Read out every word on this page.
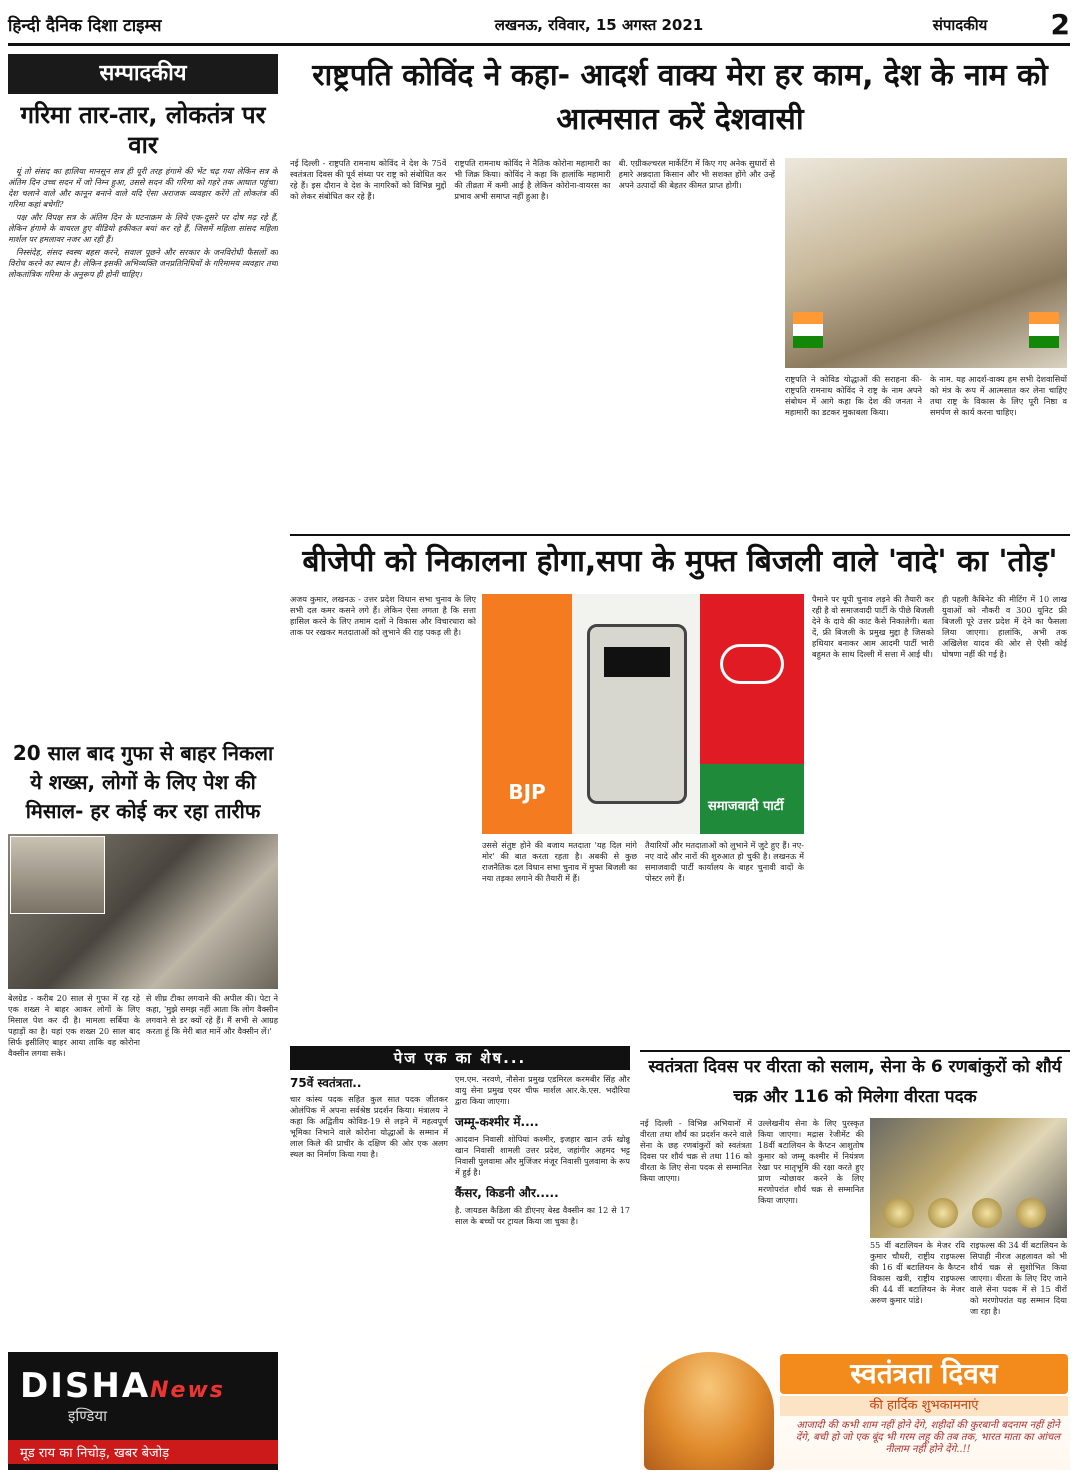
हिन्दी दैनिक दिशा टाइम्स	लखनऊ, रविवार, 15 अगस्त 2021	संपादकीय	2
सम्पादकीय
गरिमा तार-तार, लोकतंत्र पर वार

यूं तो संसद का हालिया मानसून सत्र ही पूरी तरह हंगामे की भेंट चढ़ गया लेकिन सत्र के अंतिम दिन उच्च सदन में जो निम्न हुआ, उससे सदन की गरिमा को गहरे तक आघात पहुंचा। देश चलाने वाले और कानून बनाने वाले यदि ऐसा अराजक व्यवहार करेंगे तो लोकतंत्र की गरिमा कहां बचेगी?

पक्ष और विपक्ष सत्र के अंतिम दिन के घटनाक्रम के लिये एक-दूसरे पर दोष मढ़ रहे हैं, लेकिन हंगामे के वायरल हुए वीडियो हकीकत बयां कर रहे हैं, जिसमें महिला सांसद महिला मार्शल पर हमलावर नजर आ रही हैं।

निस्संदेह, संसद स्वस्थ बहस करने, सवाल पूछने और सरकार के जनविरोधी फैसलों का विरोध करने का स्थान है। लेकिन इसकी अभिव्यक्ति जनप्रतिनिधियों के गरिमामय व्यवहार तथा लोकतांत्रिक गरिमा के अनुरूप ही होनी चाहिए।

20 साल बाद गुफा से बाहर निकला ये शख्स, लोगों के लिए पेश की मिसाल- हर कोई कर रहा तारीफ
बेलग्रेड - करीब 20 साल से गुफा में रह रहे एक शख्स ने बाहर आकर लोगों के लिए मिसाल पेश कर दी है। मामला सर्बिया के पहाड़ों का है। यहां एक शख्स 20 साल बाद सिर्फ इसीलिए बाहर आया ताकि वह कोरोना वैक्सीन लगवा सके।
से शीघ्र टीका लगवाने की अपील की। पेटा ने कहा, 'मुझे समझ नहीं आता कि लोग वैक्सीन लगवाने से डर क्यों रहे हैं। मैं सभी से आग्रह करता हूं कि मेरी बात मानें और वैक्सीन लें।'
DISHANews
इण्डिया
मूड राय का निचोड़, खबर बेजोड़
राष्ट्रपति कोविंद ने कहा- आदर्श वाक्य मेरा हर काम, देश के नाम को आत्मसात करें देशवासी
नई दिल्ली - राष्ट्रपति रामनाथ कोविंद ने देश के 75वें स्वतंत्रता दिवस की पूर्व संध्या पर राष्ट्र को संबोधित कर रहे हैं। इस दौरान वे देश के नागरिकों को विभिन्न मुद्दों को लेकर संबोधित कर रहे हैं।
राष्ट्रपति रामनाथ कोविंद ने नैतिक कोरोना महामारी का भी जिक्र किया। कोविंद ने कहा कि हालांकि महामारी की तीव्रता में कमी आई है लेकिन कोरोना-वायरस का प्रभाव अभी समाप्त नहीं हुआ है।
बी. एग्रीकल्चरल मार्केटिंग में किए गए अनेक सुधारों से हमारे अन्नदाता किसान और भी सशक्त होंगे और उन्हें अपने उत्पादों की बेहतर कीमत प्राप्त होगी।
राष्ट्रपति ने कोविड योद्धाओं की सराहना की- राष्ट्रपति रामनाथ कोविंद ने राष्ट्र के नाम अपने संबोधन में आगे कहा कि देश की जनता ने महामारी का डटकर मुकाबला किया।
के नाम. यह आदर्श-वाक्य हम सभी देशवासियों को मंत्र के रूप में आत्मसात कर लेना चाहिए तथा राष्ट्र के विकास के लिए पूरी निष्ठा व समर्पण से कार्य करना चाहिए।
बीजेपी को निकालना होगा,सपा के मुफ्त बिजली वाले 'वादे' का 'तोड़'
अजय कुमार, लखनऊ - उत्तर प्रदेश विधान सभा चुनाव के लिए सभी दल कमर कसने लगे हैं। लेकिन ऐसा लगता है कि सत्ता हासिल करने के लिए तमाम दलों ने विकास और विचारधारा को ताक पर रखकर मतदाताओं को लुभाने की राह पकड़ ली है।
BJP
समाजवादी पार्टी
उससे संतुष्ट होने की बजाय मतदाता 'यह दिल मांगे मोर' की बात करता रहता है। अबकी से कुछ राजनैतिक दल विधान सभा चुनाव में मुफ्त बिजली का नया तड़का लगाने की तैयारी में हैं।
तैयारियों और मतदाताओं को लुभाने में जुटे हुए हैं। नए-नए वादे और नारों की शुरुआत हो चुकी है। लखनऊ में समाजवादी पार्टी कार्यालय के बाहर चुनावी वादों के पोस्टर लगे हैं।
पैमाने पर यूपी चुनाव लड़ने की तैयारी कर रही है वो समाजवादी पार्टी के पीछे बिजली देने के दावे की काट कैसे निकालेगी। बता दें, फ्री बिजली के प्रमुख मुद्दा है जिसको हथियार बनाकर आम आदमी पार्टी भारी बहुमत के साथ दिल्ली में सत्ता में आई थी।
ही पहली कैबिनेट की मीटिंग में 10 लाख युवाओं को नौकरी व 300 यूनिट फ्री बिजली पूरे उत्तर प्रदेश में देने का फैसला लिया जाएगा। हालांकि, अभी तक अखिलेश यादव की ओर से ऐसी कोई घोषणा नहीं की गई है।
पेज एक का शेष...
75वें स्वतंत्रता..
चार कांस्य पदक सहित कुल सात पदक जीतकर ओलंपिक में अपना सर्वश्रेष्ठ प्रदर्शन किया। मंत्रालय ने कहा कि अद्वितीय कोविड-19 से लड़ने में महत्वपूर्ण भूमिका निभाने वाले कोरोना योद्धाओं के सम्मान में लाल किले की प्राचीर के दक्षिण की ओर एक अलग स्थल का निर्माण किया गया है।
एम.एम. नरवणे, नौसेना प्रमुख एडमिरल करमबीर सिंह और वायु सेना प्रमुख एयर चीफ मार्शल आर.के.एस. भदौरिया द्वारा किया जाएगा।
जम्मू-कश्मीर में....
आदवान निवासी शोपियां कश्मीर, इजहार खान उर्फ खोन्नू खान निवासी शामली उत्तर प्रदेश, जहांगीर अहमद भट्ट निवासी पुलवामा और मुजिंजर मंजूर निवासी पुलवामा के रूप में हुई है।
कैंसर, किडनी और.....
है. जायडस कैडिला की डीएनए बेस्ड वैक्सीन का 12 से 17 साल के बच्चों पर ट्रायल किया जा चुका है।
स्वतंत्रता दिवस पर वीरता को सलाम, सेना के 6 रणबांकुरों को शौर्य चक्र और 116 को मिलेगा वीरता पदक
नई दिल्ली - विभिन्न अभियानों में वीरता तथा शौर्य का प्रदर्शन करने वाले सेना के छह रणबांकुरों को स्वतंत्रता दिवस पर शौर्य चक्र से तथा 116 को वीरता के लिए सेना पदक से सम्मानित किया जाएगा।
उल्लेखनीय सेना के लिए पुरस्कृत किया जाएगा। मद्रास रेजीमेंट की 18वीं बटालियन के कैप्टन आशुतोष कुमार को जम्मू कश्मीर में नियंत्रण रेखा पर मातृभूमि की रक्षा करते हुए प्राण न्योछावर करने के लिए मरणोपरांत शौर्य चक्र से सम्मानित किया जाएगा।
55 वीं बटालियन के मेजर रवि कुमार चौधरी, राष्ट्रीय राइफल्स की 16 वीं बटालियन के कैप्टन विकास खत्री, राष्ट्रीय राइफल्स की 44 वीं बटालियन के मेजर अरुण कुमार पांडे।
राइफल्स की 34 वीं बटालियन के सिपाही नीरज अहलावत को भी शौर्य चक्र से सुशोभित किया जाएगा। वीरता के लिए दिए जाने वाले सेना पदक में से 15 वीरों को मरणोपरांत यह सम्मान दिया जा रहा है।
स्वतंत्रता दिवस
की हार्दिक शुभकामनाएं
आजादी की कभी शाम नहीं होने देंगे, शहीदों की कुरबानी बदनाम नहीं होने देंगे, बची हो जो एक बूंद भी गरम लहू की तब तक, भारत माता का आंचल नीलाम नहीं होने देंगे..!!
